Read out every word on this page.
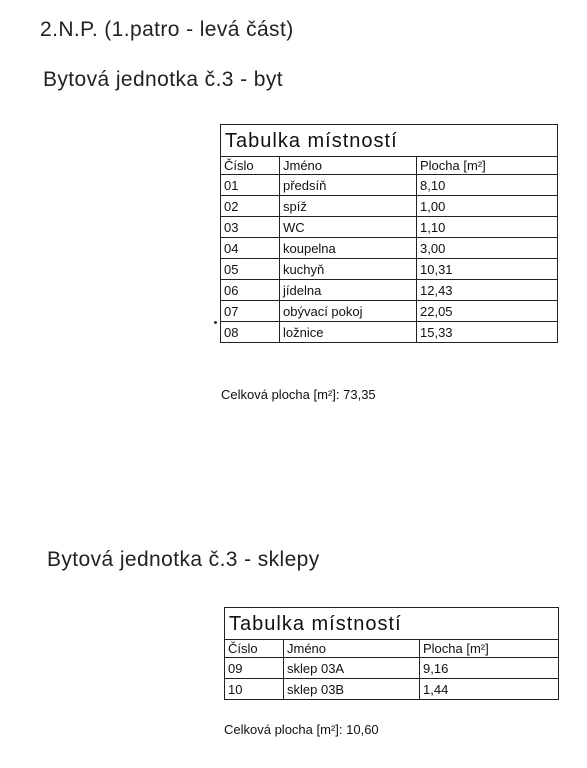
2.N.P. (1.patro - levá část)
Bytová jednotka č.3 - byt
Tabulka místností		
Číslo	Jméno	Plocha [m²]
01	předsíň	8,10
02	spíž	1,00
03	WC	1,10
04	koupelna	3,00
05	kuchyň	10,31
06	jídelna	12,43
07	obývací pokoj	22,05
08	ložnice	15,33
Celková plocha [m²]: 73,35
Bytová jednotka č.3 - sklepy
Tabulka místností		
Číslo	Jméno	Plocha [m²]
09	sklep 03A	9,16
10	sklep 03B	1,44
Celková plocha [m²]: 10,60
